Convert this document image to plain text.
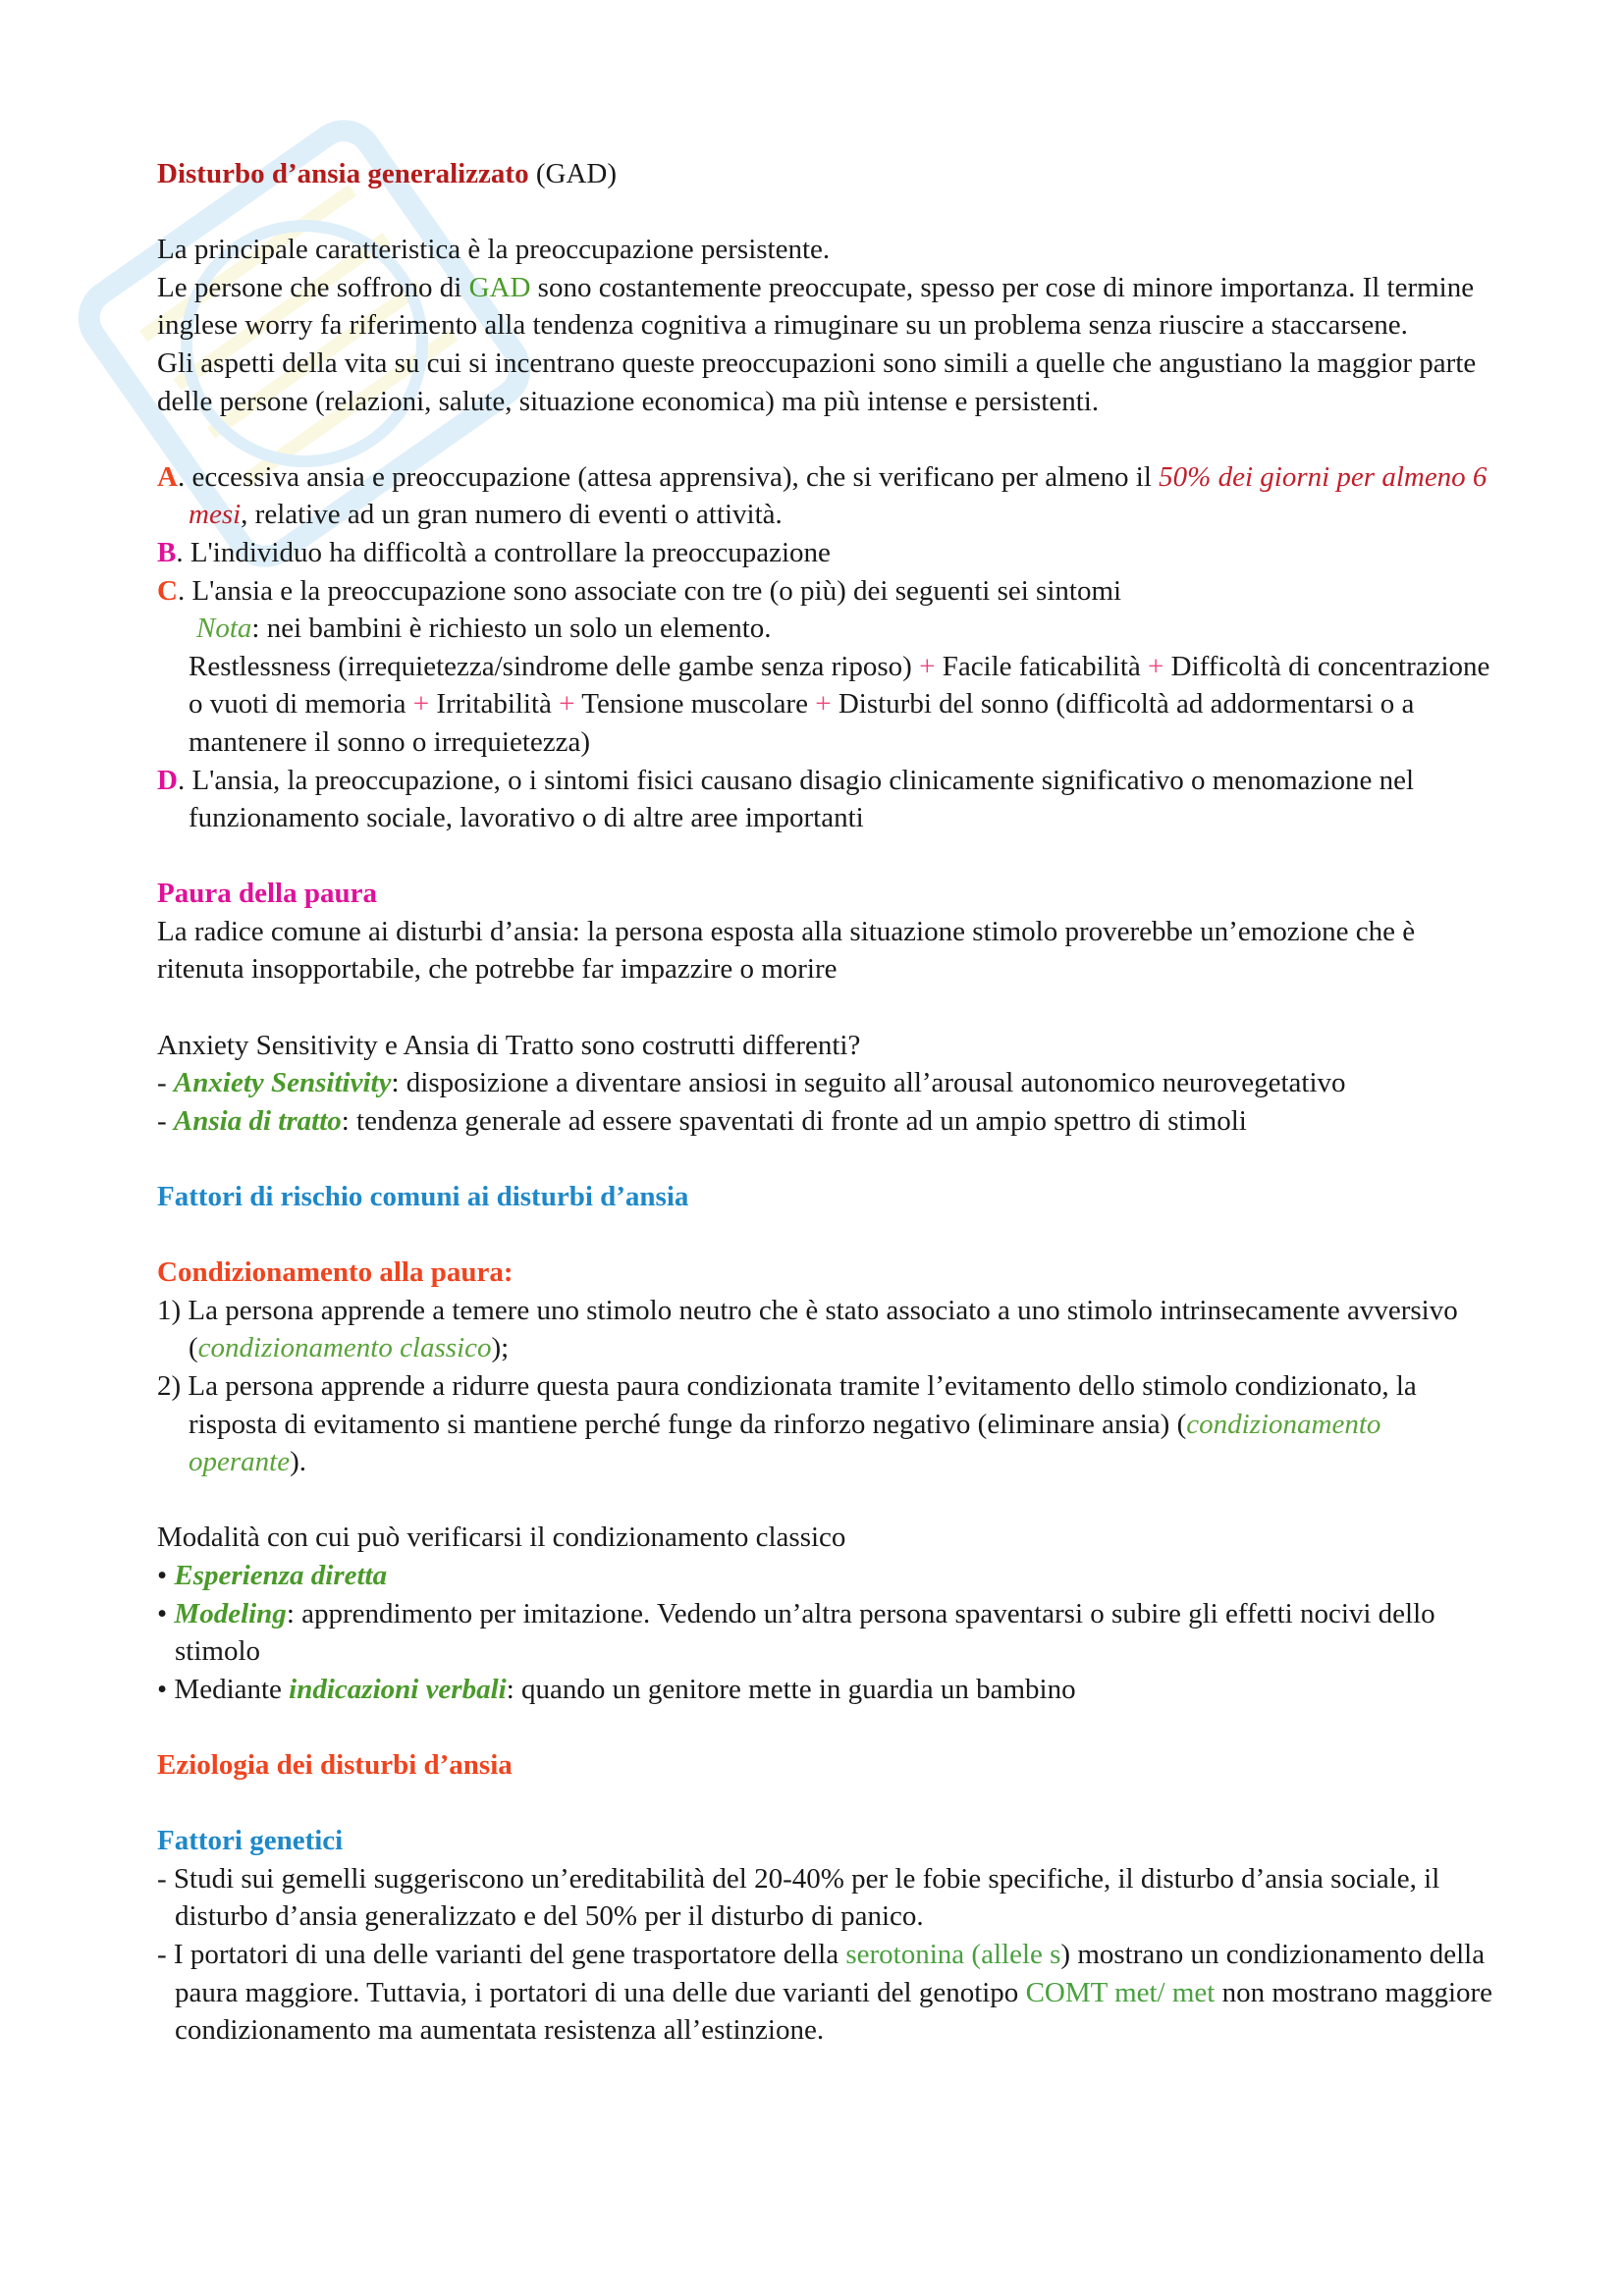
Disturbo d’ansia generalizzato (GAD)

La principale caratteristica è la preoccupazione persistente.

Le persone che soffrono di GAD sono costantemente preoccupate, spesso per cose di minore importanza. Il termine inglese worry fa riferimento alla tendenza cognitiva a rimuginare su un problema senza riuscire a staccarsene.

Gli aspetti della vita su cui si incentrano queste preoccupazioni sono simili a quelle che angustiano la maggior parte delle persone (relazioni, salute, situazione economica) ma più intense e persistenti.

A. eccessiva ansia e preoccupazione (attesa apprensiva), che si verificano per almeno il 50% dei giorni per almeno 6 mesi, relative ad un gran numero di eventi o attività.

B. L'individuo ha difficoltà a controllare la preoccupazione

C. L'ansia e la preoccupazione sono associate con tre (o più) dei seguenti sei sintomi

Nota: nei bambini è richiesto un solo un elemento.

Restlessness (irrequietezza/sindrome delle gambe senza riposo) + Facile faticabilità + Difficoltà di concentrazione o vuoti di memoria + Irritabilità + Tensione muscolare + Disturbi del sonno (difficoltà ad addormentarsi o a mantenere il sonno o irrequietezza)

D. L'ansia, la preoccupazione, o i sintomi fisici causano disagio clinicamente significativo o menomazione nel funzionamento sociale, lavorativo o di altre aree importanti

Paura della paura

La radice comune ai disturbi d’ansia: la persona esposta alla situazione stimolo proverebbe un’emozione che è ritenuta insopportabile, che potrebbe far impazzire o morire

Anxiety Sensitivity e Ansia di Tratto sono costrutti differenti?

- Anxiety Sensitivity: disposizione a diventare ansiosi in seguito all’arousal autonomico neurovegetativo

- Ansia di tratto: tendenza generale ad essere spaventati di fronte ad un ampio spettro di stimoli

Fattori di rischio comuni ai disturbi d’ansia

Condizionamento alla paura:

1) La persona apprende a temere uno stimolo neutro che è stato associato a uno stimolo intrinsecamente avversivo (condizionamento classico);

2) La persona apprende a ridurre questa paura condizionata tramite l’evitamento dello stimolo condizionato, la risposta di evitamento si mantiene perché funge da rinforzo negativo (eliminare ansia) (condizionamento operante).

Modalità con cui può verificarsi il condizionamento classico

• Esperienza diretta

• Modeling: apprendimento per imitazione. Vedendo un’altra persona spaventarsi o subire gli effetti nocivi dello stimolo

• Mediante indicazioni verbali: quando un genitore mette in guardia un bambino

Eziologia dei disturbi d’ansia

Fattori genetici

- Studi sui gemelli suggeriscono un’ereditabilità del 20-40% per le fobie specifiche, il disturbo d’ansia sociale, il disturbo d’ansia generalizzato e del 50% per il disturbo di panico.

- I portatori di una delle varianti del gene trasportatore della serotonina (allele s) mostrano un condizionamento della paura maggiore. Tuttavia, i portatori di una delle due varianti del genotipo COMT met/ met non mostrano maggiore condizionamento ma aumentata resistenza all’estinzione.
